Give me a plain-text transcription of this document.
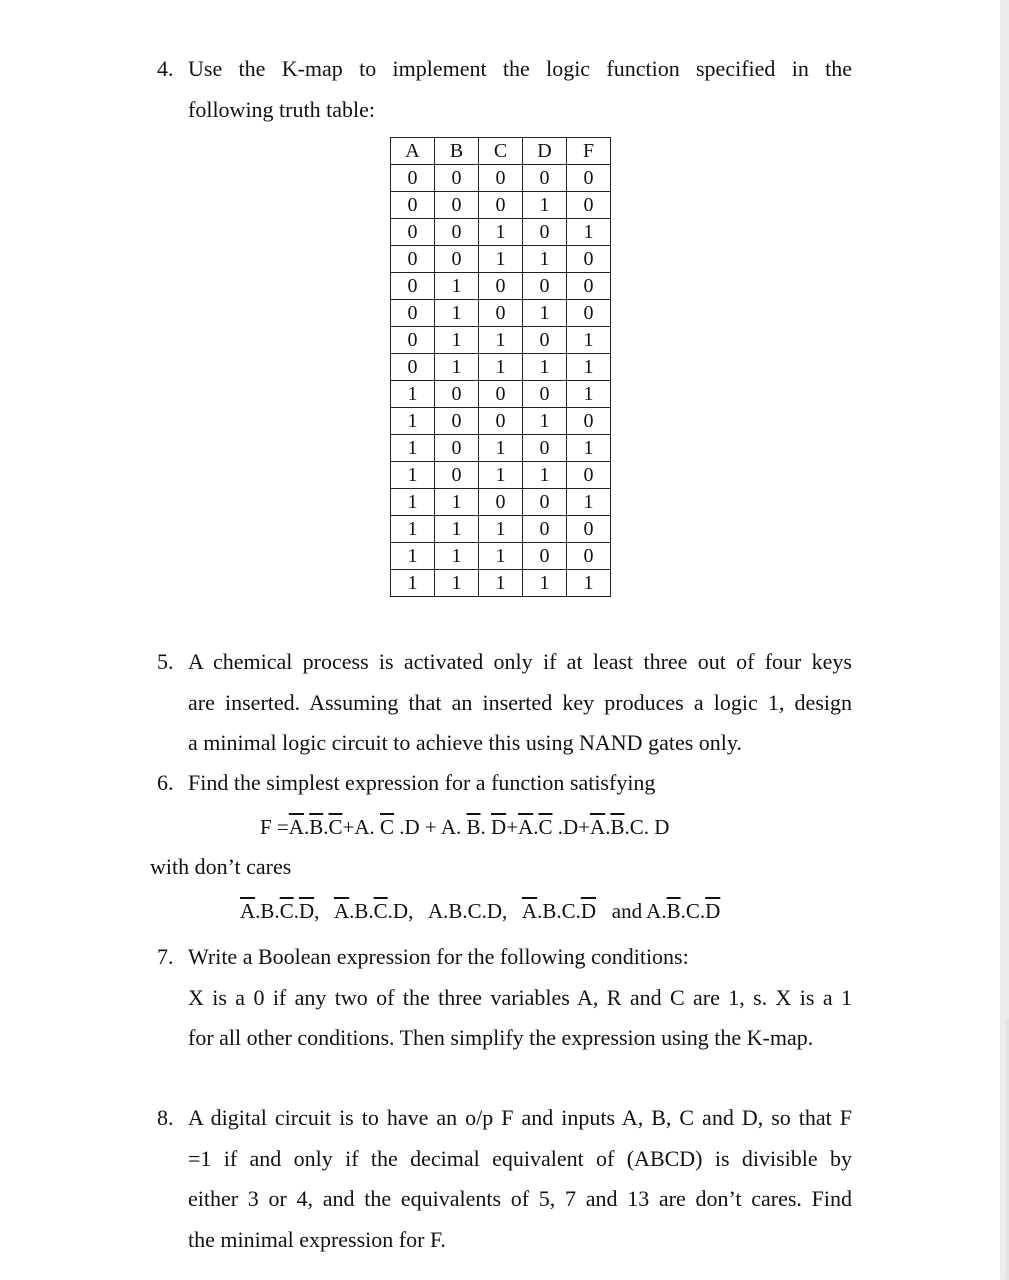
4. Use the K-map to implement the logic function specified in the
following truth table:
A	B	C	D	F
0	0	0	0	0
0	0	0	1	0
0	0	1	0	1
0	0	1	1	0
0	1	0	0	0
0	1	0	1	0
0	1	1	0	1
0	1	1	1	1
1	0	0	0	1
1	0	0	1	0
1	0	1	0	1
1	0	1	1	0
1	1	0	0	1
1	1	1	0	0
1	1	1	0	0
1	1	1	1	1
5. A chemical process is activated only if at least three out of four keys
are inserted. Assuming that an inserted key produces a logic 1, design
a minimal logic circuit to achieve this using NAND gates only.
6. Find the simplest expression for a function satisfying
$F =\overline{A}.\overline{B}.\overline{C}+A$. $\overline{C}$ .D + A. $\overline{B}$. $\overline{D}+\overline{A}.\overline{C}$ $.D+\overline{A}.\overline{B}.C$. D
with don’t cares
$\overline{A}.B.\overline{C}.\overline{D}$,   $\overline{A}.B.\overline{C}.D$,   A.B.C.D,   $\overline{A}.B.C.\overline{D}$   and $A.\overline{B}.C.\overline{D}$
7. Write a Boolean expression for the following conditions:
X is a 0 if any two of the three variables A, R and C are 1, s. X is a 1
for all other conditions. Then simplify the expression using the K-map.
8. A digital circuit is to have an o/p F and inputs A, B, C and D, so that F
=1 if and only if the decimal equivalent of (ABCD) is divisible by
either 3 or 4, and the equivalents of 5, 7 and 13 are don’t cares. Find
the minimal expression for F.
